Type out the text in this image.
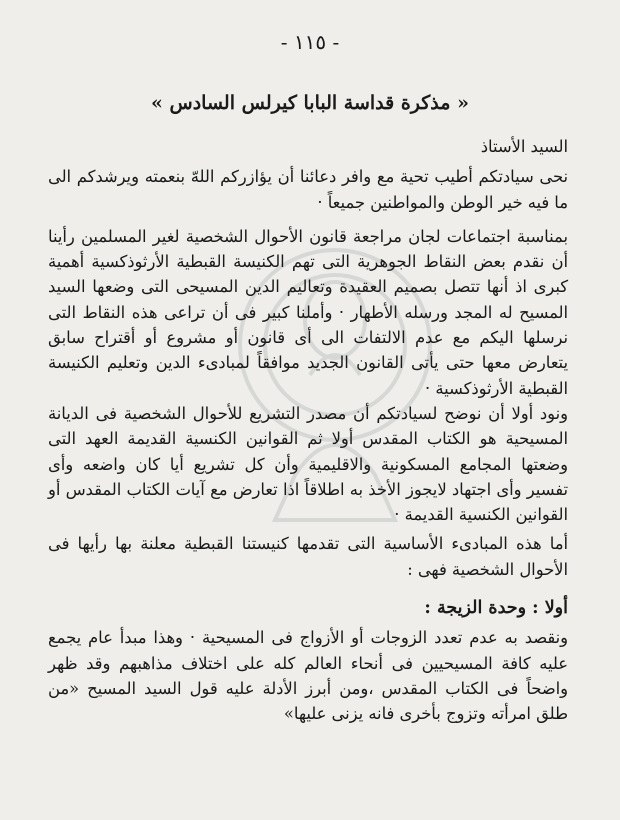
- ١١٥ -
« مذكرة قداسة البابا كيرلس السادس »

السيد الأستاذ

نحى سيادتكم أطيب تحية مع وافر دعائنا أن يؤازركم اللهّ بنعمته ويرشدكم الى ما فيه خير الوطن والمواطنين جميعاً ·

بمناسبة اجتماعات لجان مراجعة قانون الأحوال الشخصية لغير المسلمين رأينا أن نقدم بعض النقاط الجوهرية التى تهم الكنيسة القبطية الأرثوذكسية أهمية كبرى اذ أنها تتصل بصميم العقيدة وتعاليم الدين المسيحى التى وضعها السيد المسيح له المجد ورسله الأطهار · وأملنا كبير فى أن تراعى هذه النقاط التى نرسلها اليكم مع عدم الالتفات الى أى قانون أو مشروع أو أقتراح سابق يتعارض معها حتى يأتى القانون الجديد موافقاً لمبادىء الدين وتعليم الكنيسة القبطية الأرثوذكسية ·

ونود أولا أن نوضح لسيادتكم أن مصدر التشريع للأحوال الشخصية فى الديانة المسيحية هو الكتاب المقدس أولا ثم القوانين الكنسية القديمة العهد التى وضعتها المجامع المسكونية والاقليمية وأن كل تشريع أيا كان واضعه وأى تفسير وأى اجتهاد لايجوز الأخذ به اطلاقاً اذا تعارض مع آيات الكتاب المقدس أو القوانين الكنسية القديمة ·

أما هذه المبادىء الأساسية التى تقدمها كنيستنا القبطية معلنة بها رأيها فى الأحوال الشخصية فهى :

أولا : وحدة الزيجة :

ونقصد به عدم تعدد الزوجات أو الأزواج فى المسيحية · وهذا مبدأ عام يجمع عليه كافة المسيحيين فى أنحاء العالم كله على اختلاف مذاهبهم وقد ظهر واضحاً فى الكتاب المقدس ،ومن أبرز الأدلة عليه قول السيد المسيح «من طلق امرأته وتزوج بأخرى فانه يزنى عليها»
